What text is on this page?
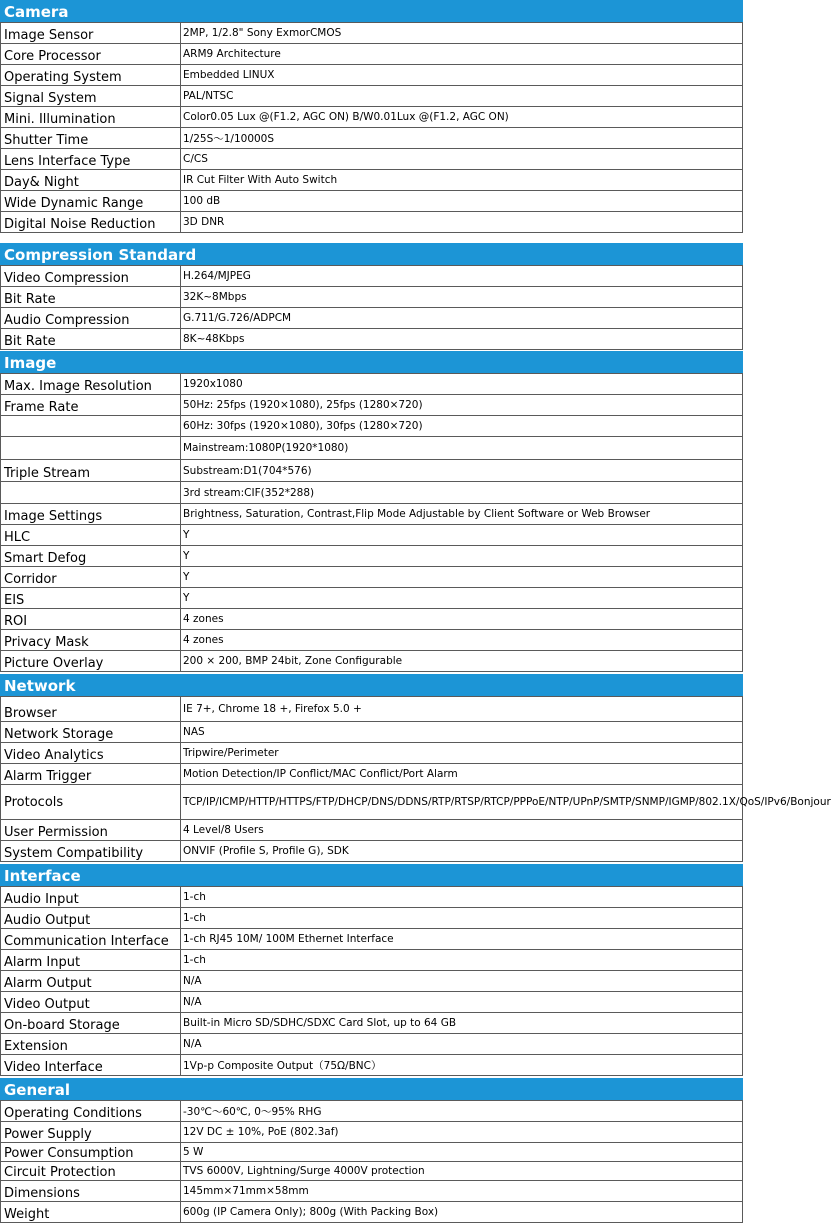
Camera
Image Sensor	2MP, 1/2.8" Sony ExmorCMOS
Core Processor	ARM9 Architecture
Operating System	Embedded LINUX
Signal System	PAL/NTSC
Mini. Illumination	Color0.05 Lux @(F1.2, AGC ON) B/W0.01Lux @(F1.2, AGC ON)
Shutter Time	1/25S～1/10000S
Lens Interface Type	C/CS
Day& Night	IR Cut Filter With Auto Switch
Wide Dynamic Range	100 dB
Digital Noise Reduction	3D DNR
Compression Standard
Video Compression	H.264/MJPEG
Bit Rate	32K~8Mbps
Audio Compression	G.711/G.726/ADPCM
Bit Rate	8K~48Kbps
Image
Max. Image Resolution	1920x1080
Frame Rate	50Hz: 25fps (1920×1080), 25fps (1280×720)
60Hz: 30fps (1920×1080), 30fps (1280×720)
Mainstream:1080P(1920*1080)
Triple Stream	Substream:D1(704*576)
3rd stream:CIF(352*288)
Image Settings	Brightness, Saturation, Contrast,Flip Mode Adjustable by Client Software or Web Browser
HLC	Y
Smart Defog	Y
Corridor	Y
EIS	Y
ROI	4 zones
Privacy Mask	4 zones
Picture Overlay	200 × 200, BMP 24bit, Zone Configurable
Network
Browser	IE 7+, Chrome 18 +, Firefox 5.0 +
Network Storage	NAS
Video Analytics	Tripwire/Perimeter
Alarm Trigger	Motion Detection/IP Conflict/MAC Conflict/Port Alarm
Protocols	TCP/IP/ICMP/HTTP/HTTPS/FTP/DHCP/DNS/DDNS/RTP/RTSP/RTCP/PPPoE/NTP/UPnP/SMTP/SNMP/IGMP/802.1X/QoS/IPv6/Bonjour
User Permission	4 Level/8 Users
System Compatibility	ONVIF (Profile S, Profile G), SDK
Interface
Audio Input	1-ch
Audio Output	1-ch
Communication Interface	1-ch RJ45 10M/ 100M Ethernet Interface
Alarm Input	1-ch
Alarm Output	N/A
Video Output	N/A
On-board Storage	Built-in Micro SD/SDHC/SDXC Card Slot, up to 64 GB
Extension	N/A
Video Interface	1Vp-p Composite Output（75Ω/BNC）
General
Operating Conditions	-30℃～60℃, 0～95% RHG
Power Supply	12V DC ± 10%, PoE (802.3af)
Power Consumption	5 W
Circuit Protection	TVS 6000V, Lightning/Surge 4000V protection
Dimensions	145mm×71mm×58mm
Weight	600g (IP Camera Only); 800g (With Packing Box)
